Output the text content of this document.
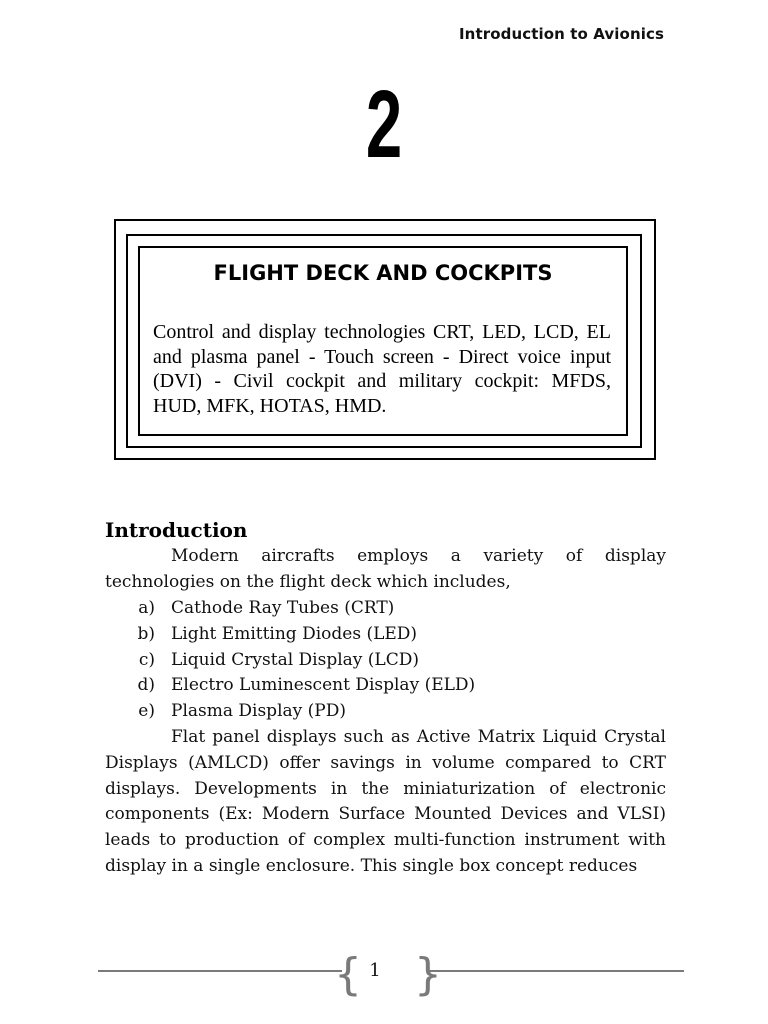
Introduction to Avionics
2
FLIGHT DECK AND COCKPITS

Control and display technologies CRT, LED, LCD, EL and plasma panel - Touch screen - Direct voice input (DVI) - Civil cockpit and military cockpit: MFDS, HUD, MFK, HOTAS, HMD.

Introduction

Modern aircrafts employs a variety of display technologies on the flight deck which includes,

a) Cathode Ray Tubes (CRT)
b) Light Emitting Diodes (LED)
c) Liquid Crystal Display (LCD)
d) Electro Luminescent Display (ELD)
e) Plasma Display (PD)

Flat panel displays such as Active Matrix Liquid Crystal Displays (AMLCD) offer savings in volume compared to CRT displays. Developments in the miniaturization of electronic components (Ex: Modern Surface Mounted Devices and VLSI) leads to production of complex multi-function instrument with display in a single enclosure. This single box concept reduces

{ 1 }
